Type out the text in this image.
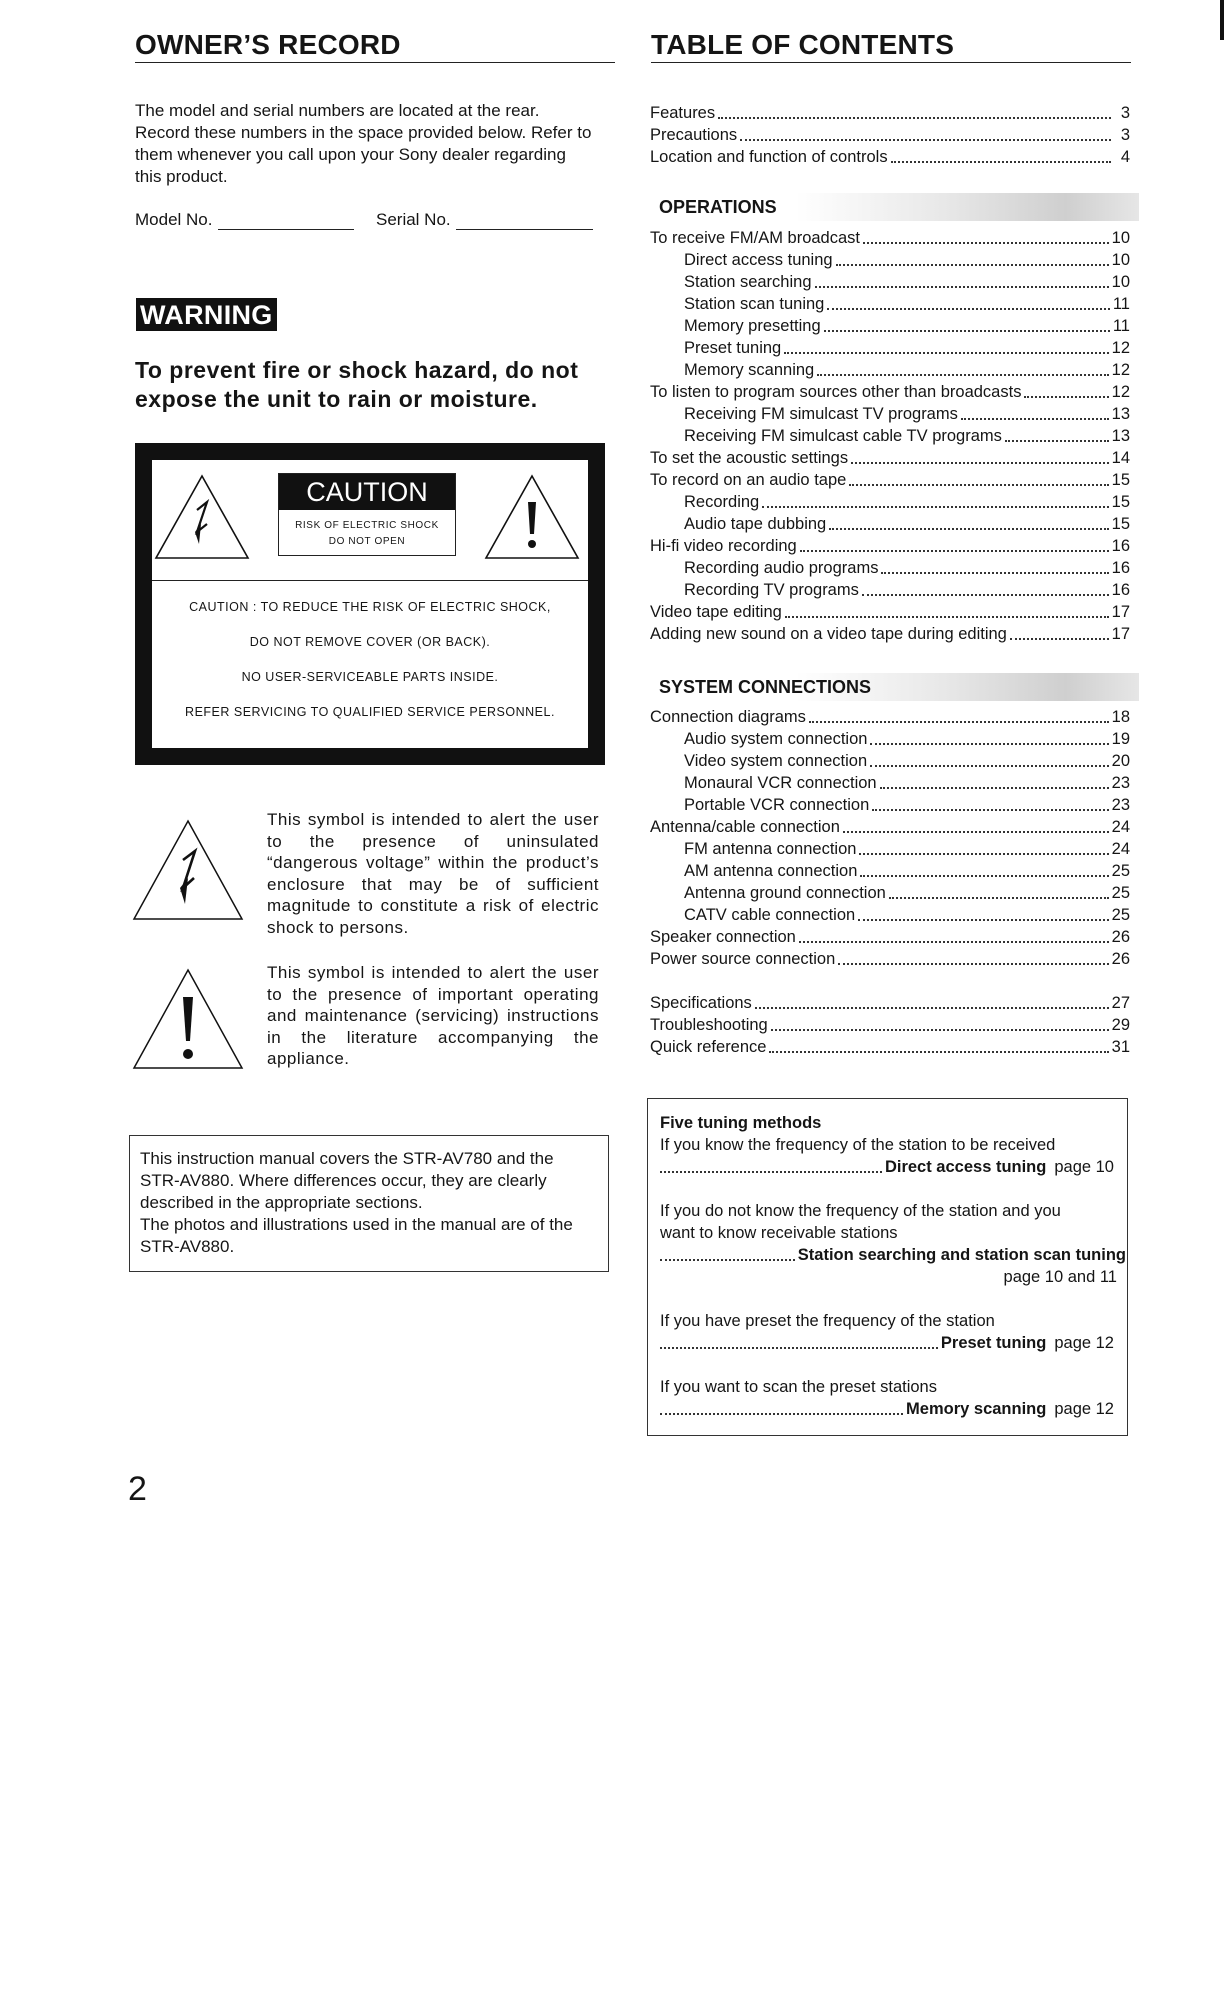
OWNER’S RECORD
The model and serial numbers are located at the rear. Record these numbers in the space provided below. Refer to them whenever you call upon your Sony dealer regarding this product.
Model No.	Serial No.
WARNING
To prevent fire or shock hazard, do not expose the unit to rain or moisture.
CAUTION
RISK OF ELECTRIC SHOCK
DO NOT OPEN
CAUTION : TO REDUCE THE RISK OF ELECTRIC SHOCK,
DO NOT REMOVE COVER (OR BACK).
NO USER-SERVICEABLE PARTS INSIDE.
REFER SERVICING TO QUALIFIED SERVICE PERSONNEL.
This symbol is intended to alert the user to the presence of uninsulated “dangerous voltage” within the product’s enclosure that may be of sufficient magnitude to constitute a risk of electric shock to persons.
This symbol is intended to alert the user to the presence of important operating and maintenance (servicing) instructions in the literature accompanying the appliance.
This instruction manual covers the STR-AV780 and the
STR-AV880. Where differences occur, they are clearly
described in the appropriate sections.
The photos and illustrations used in the manual are of the
STR-AV880.
2
TABLE OF CONTENTS
Features	3
Precautions	3
Location and function of controls	4
OPERATIONS
To receive FM/AM broadcast	10
Direct access tuning	10
Station searching	10
Station scan tuning	11
Memory presetting	11
Preset tuning	12
Memory scanning	12
To listen to program sources other than broadcasts	12
Receiving FM simulcast TV programs	13
Receiving FM simulcast cable TV programs	13
To set the acoustic settings	14
To record on an audio tape	15
Recording	15
Audio tape dubbing	15
Hi-fi video recording	16
Recording audio programs	16
Recording TV programs	16
Video tape editing	17
Adding new sound on a video tape during editing	17
SYSTEM CONNECTIONS
Connection diagrams	18
Audio system connection	19
Video system connection	20
Monaural VCR connection	23
Portable VCR connection	23
Antenna/cable connection	24
FM antenna connection	24
AM antenna connection	25
Antenna ground connection	25
CATV cable connection	25
Speaker connection	26
Power source connection	26
Specifications	27
Troubleshooting	29
Quick reference	31
Five tuning methods
If you know the frequency of the station to be received
Direct access tuning page 10
If you do not know the frequency of the station and you
want to know receivable stations
Station searching and station scan tuning
page 10 and 11
If you have preset the frequency of the station
Preset tuning page 12
If you want to scan the preset stations
Memory scanning page 12
